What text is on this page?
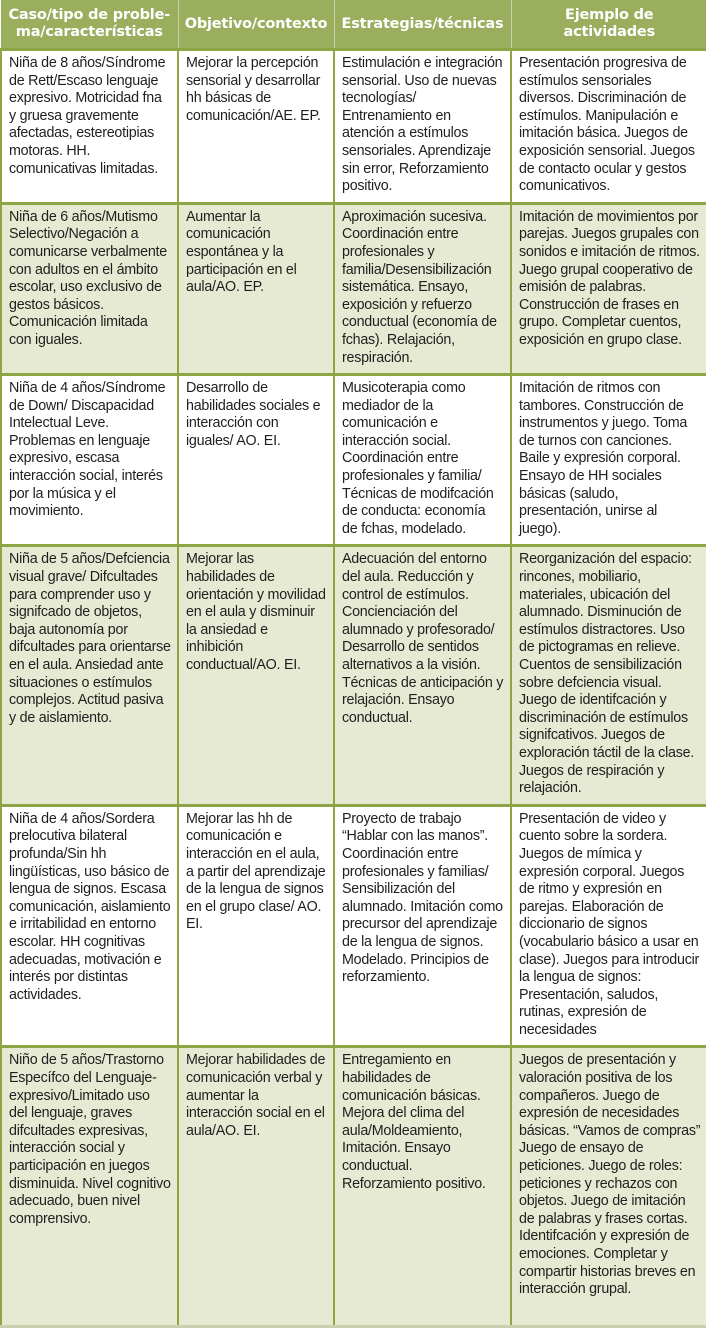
Caso/tipo de proble-ma/características	Objetivo/contexto	Estrategias/técnicas	Ejemplo de actividades
Niña de 8 años/Síndrome de Rett/Escaso lenguaje expresivo. Motricidad fna y gruesa gravemente afectadas, estereotipias motoras. HH. comunicativas limitadas.	Mejorar la percepción sensorial y desarrollar hh básicas de comunicación/AE. EP.	Estimulación e integración sensorial. Uso de nuevas tecnologías/ Entrenamiento en atención a estímulos sensoriales. Aprendizaje sin error, Reforzamiento positivo.	Presentación progresiva de estímulos sensoriales diversos. Discriminación de estímulos. Manipulación e imitación básica. Juegos de exposición sensorial. Juegos de contacto ocular y gestos comunicativos.
Niña de 6 años/Mutismo Selectivo/Negación a comunicarse verbalmente con adultos en el ámbito escolar, uso exclusivo de gestos básicos. Comunicación limitada con iguales.	Aumentar la comunicación espontánea y la participación en el aula/AO. EP.	Aproximación sucesiva. Coordinación entre profesionales y familia/Desensibilización sistemática. Ensayo, exposición y refuerzo conductual (economía de fchas). Relajación, respiración.	Imitación de movimientos por parejas. Juegos grupales con sonidos e imitación de ritmos. Juego grupal cooperativo de emisión de palabras. Construcción de frases en grupo. Completar cuentos, exposición en grupo clase.
Niña de 4 años/Síndrome de Down/ Discapacidad Intelectual Leve. Problemas en lenguaje expresivo, escasa interacción social, interés por la música y el movimiento.	Desarrollo de habilidades sociales e interacción con iguales/ AO. EI.	Musicoterapia como mediador de la comunicación e interacción social. Coordinación entre profesionales y familia/ Técnicas de modifcación de conducta: economía de fchas, modelado.	Imitación de ritmos con tambores. Construcción de instrumentos y juego. Toma de turnos con canciones. Baile y expresión corporal. Ensayo de HH sociales básicas (saludo, presentación, unirse al juego).
Niña de 5 años/Defciencia visual grave/ Difcultades para comprender uso y signifcado de objetos, baja autonomía por difcultades para orientarse en el aula. Ansiedad ante situaciones o estímulos complejos. Actitud pasiva y de aislamiento.	Mejorar las habilidades de orientación y movilidad en el aula y disminuir la ansiedad e inhibición conductual/AO. EI.	Adecuación del entorno del aula. Reducción y control de estímulos. Concienciación del alumnado y profesorado/ Desarrollo de sentidos alternativos a la visión. Técnicas de anticipación y relajación. Ensayo conductual.	Reorganización del espacio: rincones, mobiliario, materiales, ubicación del alumnado. Disminución de estímulos distractores. Uso de pictogramas en relieve. Cuentos de sensibilización sobre defciencia visual. Juego de identifcación y discriminación de estímulos signifcativos. Juegos de exploración táctil de la clase. Juegos de respiración y relajación.
Niña de 4 años/Sordera prelocutiva bilateral profunda/Sin hh lingüísticas, uso básico de lengua de signos. Escasa comunicación, aislamiento e irritabilidad en entorno escolar. HH cognitivas adecuadas, motivación e interés por distintas actividades.	Mejorar las hh de comunicación e interacción en el aula, a partir del aprendizaje de la lengua de signos en el grupo clase/ AO. EI.	Proyecto de trabajo “Hablar con las manos”. Coordinación entre profesionales y familias/ Sensibilización del alumnado. Imitación como precursor del aprendizaje de la lengua de signos. Modelado. Principios de reforzamiento.	Presentación de video y cuento sobre la sordera. Juegos de mímica y expresión corporal. Juegos de ritmo y expresión en parejas. Elaboración de diccionario de signos (vocabulario básico a usar en clase). Juegos para introducir la lengua de signos: Presentación, saludos, rutinas, expresión de necesidades
Niño de 5 años/Trastorno Específco del Lenguaje-expresivo/Limitado uso del lenguaje, graves difcultades expresivas, interacción social y participación en juegos disminuida. Nivel cognitivo adecuado, buen nivel comprensivo.	Mejorar habilidades de comunicación verbal y aumentar la interacción social en el aula/AO. EI.	Entregamiento en habilidades de comunicación básicas. Mejora del clima del aula/Moldeamiento, Imitación. Ensayo conductual. Reforzamiento positivo.	Juegos de presentación y valoración positiva de los compañeros. Juego de expresión de necesidades básicas. “Vamos de compras” Juego de ensayo de peticiones. Juego de roles: peticiones y rechazos con objetos. Juego de imitación de palabras y frases cortas. Identifcación y expresión de emociones. Completar y compartir historias breves en interacción grupal.
